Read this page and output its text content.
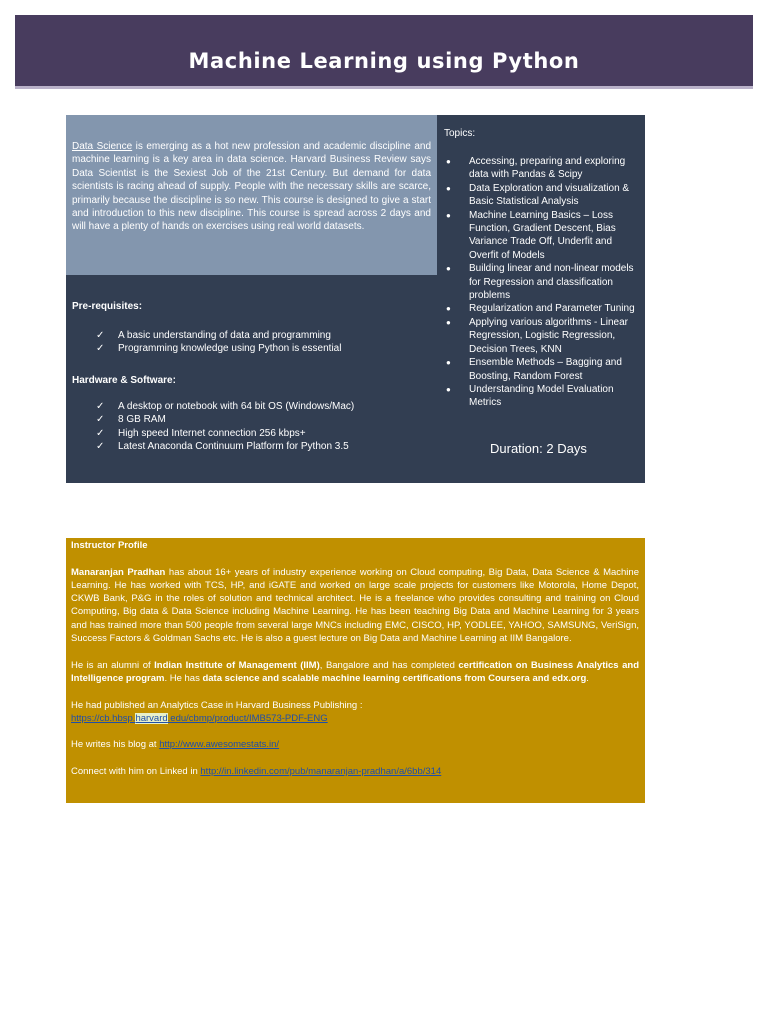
Machine Learning using Python
Data Science is emerging as a hot new profession and academic discipline and machine learning is a key area in data science. Harvard Business Review says Data Scientist is the Sexiest Job of the 21st Century. But demand for data scientists is racing ahead of supply. People with the necessary skills are scarce, primarily because the discipline is so new. This course is designed to give a start and introduction to this new discipline. This course is spread across 2 days and will have a plenty of hands on exercises using real world datasets.
Pre-requisites:
✓ A basic understanding of data and programming
✓ Programming knowledge using Python is essential
Hardware & Software:
✓ A desktop or notebook with 64 bit OS (Windows/Mac)
✓ 8 GB RAM
✓ High speed Internet connection 256 kbps+
✓ Latest Anaconda Continuum Platform for Python 3.5
Topics:
● Accessing, preparing and exploring data with Pandas & Scipy
● Data Exploration and visualization & Basic Statistical Analysis
● Machine Learning Basics – Loss Function, Gradient Descent, Bias Variance Trade Off, Underfit and Overfit of Models
● Building linear and non-linear models for Regression and classification problems
● Regularization and Parameter Tuning
● Applying various algorithms - Linear Regression, Logistic Regression, Decision Trees, KNN
● Ensemble Methods – Bagging and Boosting, Random Forest
● Understanding Model Evaluation Metrics
Duration: 2 Days

Instructor Profile

Manaranjan Pradhan has about 16+ years of industry experience working on Cloud computing, Big Data, Data Science & Machine Learning. He has worked with TCS, HP, and iGATE and worked on large scale projects for customers like Motorola, Home Depot, CKWB Bank, P&G in the roles of solution and technical architect. He is a freelance who provides consulting and training on Cloud Computing, Big data & Data Science including Machine Learning. He has been teaching Big Data and Machine Learning for 3 years and has trained more than 500 people from several large MNCs including EMC, CISCO, HP, YODLEE, YAHOO, SAMSUNG, VeriSign, Success Factors & Goldman Sachs etc. He is also a guest lecture on Big Data and Machine Learning at IIM Bangalore.

He is an alumni of Indian Institute of Management (IIM), Bangalore and has completed certification on Business Analytics and Intelligence program. He has data science and scalable machine learning certifications from Coursera and edx.org.

He had published an Analytics Case in Harvard Business Publishing :
https://cb.hbsp.harvard.edu/cbmp/product/IMB573-PDF-ENG

He writes his blog at http://www.awesomestats.in/

Connect with him on Linked in http://in.linkedin.com/pub/manaranjan-pradhan/a/6bb/314
